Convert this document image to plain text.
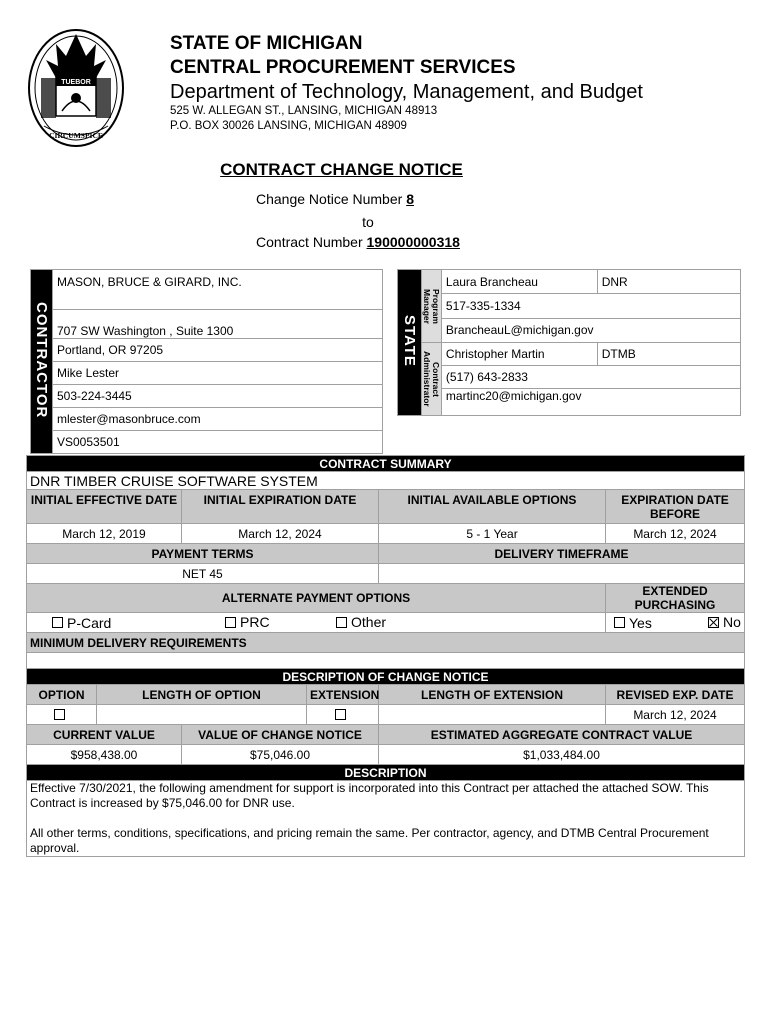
TUEBOR
CIRCUMSPICE
STATE OF MICHIGAN
CENTRAL PROCUREMENT SERVICES
Department of Technology, Management, and Budget
525 W. ALLEGAN ST., LANSING, MICHIGAN 48913
P.O. BOX 30026 LANSING, MICHIGAN 48909
CONTRACT CHANGE NOTICE
Change Notice Number 8
to
Contract Number 190000000318
CONTRACTOR	MASON, BRUCE & GIRARD, INC.
707 SW Washington , Suite 1300
Portland, OR 97205
Mike Lester
503-224-3445
mlester@masonbruce.com
VS0053501
STATE	Program Manager	Laura Brancheau	DNR
		517-335-1334	
		BrancheauL@michigan.gov	

	Contract Administrator	Christopher Martin	DTMB
		(517) 643-2833	
		martinc20@michigan.gov	
CONTRACT SUMMARY			
DNR TIMBER CRUISE SOFTWARE SYSTEM			
INITIAL EFFECTIVE DATE	INITIAL EXPIRATION DATE	INITIAL AVAILABLE OPTIONS	EXPIRATION DATE BEFORE
March 12, 2019	March 12, 2024	5 - 1 Year	March 12, 2024
PAYMENT TERMS		DELIVERY TIMEFRAME	
NET 45			
ALTERNATE PAYMENT OPTIONS			EXTENDED PURCHASING
P-Card PRC Other			Yes No

MINIMUM DELIVERY REQUIREMENTS			

DESCRIPTION OF CHANGE NOTICE					
OPTION	LENGTH OF OPTION		EXTENSION	LENGTH OF EXTENSION	REVISED EXP. DATE
					March 12, 2024
CURRENT VALUE		VALUE OF CHANGE NOTICE		ESTIMATED AGGREGATE CONTRACT VALUE	
$958,438.00		$75,046.00		$1,033,484.00	
DESCRIPTION					

Effective 7/30/2021, the following amendment for support is incorporated into this Contract per attached the attached SOW. This Contract is increased by $75,046.00 for DNR use.
All other terms, conditions, specifications, and pricing remain the same. Per contractor, agency, and DTMB Central Procurement approval.					
